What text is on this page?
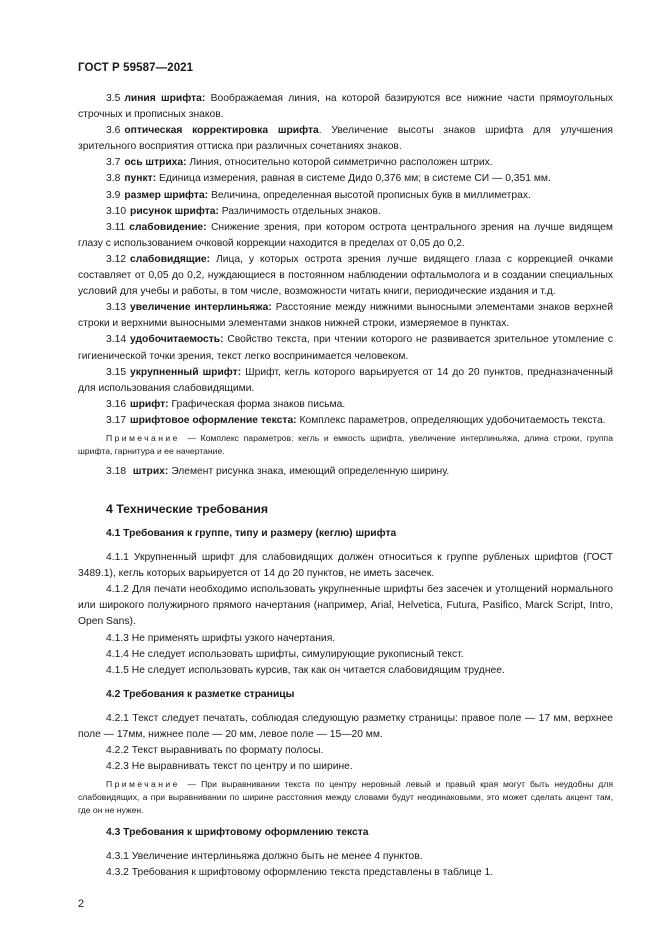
ГОСТ Р 59587—2021

3.5 линия шрифта: Воображаемая линия, на которой базируются все нижние части прямоугольных строчных и прописных знаков.

3.6 оптическая корректировка шрифта. Увеличение высоты знаков шрифта для улучшения зрительного восприятия оттиска при различных сочетаниях знаков.

3.7 ось штриха: Линия, относительно которой симметрично расположен штрих.

3.8 пункт: Единица измерения, равная в системе Дидо 0,376 мм; в системе СИ — 0,351 мм.

3.9 размер шрифта: Величина, определенная высотой прописных букв в миллиметрах.

3.10 рисунок шрифта: Различимость отдельных знаков.

3.11 слабовидение: Снижение зрения, при котором острота центрального зрения на лучше видящем глазу с использованием очковой коррекции находится в пределах от 0,05 до 0,2.

3.12 слабовидящие: Лица, у которых острота зрения лучше видящего глаза с коррекцией очками составляет от 0,05 до 0,2, нуждающиеся в постоянном наблюдении офтальмолога и в создании специальных условий для учебы и работы, в том числе, возможности читать книги, периодические издания и т.д.

3.13 увеличение интерлиньяжа: Расстояние между нижними выносными элементами знаков верхней строки и верхними выносными элементами знаков нижней строки, измеряемое в пунктах.

3.14 удобочитаемость: Свойство текста, при чтении которого не развивается зрительное утомление с гигиенической точки зрения, текст легко воспринимается человеком.

3.15 укрупненный шрифт: Шрифт, кегль которого варьируется от 14 до 20 пунктов, предназначенный для использования слабовидящими.

3.16 шрифт: Графическая форма знаков письма.

3.17 шрифтовое оформление текста: Комплекс параметров, определяющих удобочитаемость текста.

Примечание — Комплекс параметров: кегль и емкость шрифта, увеличение интерлиньяжа, длина строки, группа шрифта, гарнитура и ее начертание.

3.18 штрих: Элемент рисунка знака, имеющий определенную ширину.

4 Технические требования
4.1 Требования к группе, типу и размеру (кеглю) шрифта

4.1.1 Укрупненный шрифт для слабовидящих должен относиться к группе рубленых шрифтов (ГОСТ 3489.1), кегль которых варьируется от 14 до 20 пунктов, не иметь засечек.

4.1.2 Для печати необходимо использовать укрупненные шрифты без засечек и утолщений нормального или широкого полужирного прямого начертания (например, Arial, Helvetica, Futura, Pasifico, Marck Script, Intro, Open Sans).

4.1.3 Не применять шрифты узкого начертания.

4.1.4 Не следует использовать шрифты, симулирующие рукописный текст.

4.1.5 Не следует использовать курсив, так как он читается слабовидящим труднее.

4.2 Требования к разметке страницы

4.2.1 Текст следует печатать, соблюдая следующую разметку страницы: правое поле — 17 мм, верхнее поле — 17мм, нижнее поле — 20 мм, левое поле — 15—20 мм.

4.2.2 Текст выравнивать по формату полосы.

4.2.3 Не выравнивать текст по центру и по ширине.

Примечание — При выравнивании текста по центру неровный левый и правый края могут быть неудобны для слабовидящих, а при выравнивании по ширине расстояния между словами будут неодинаковыми, это может сделать акцент там, где он не нужен.

4.3 Требования к шрифтовому оформлению текста

4.3.1 Увеличение интерлиньяжа должно быть не менее 4 пунктов.

4.3.2 Требования к шрифтовому оформлению текста представлены в таблице 1.

2
